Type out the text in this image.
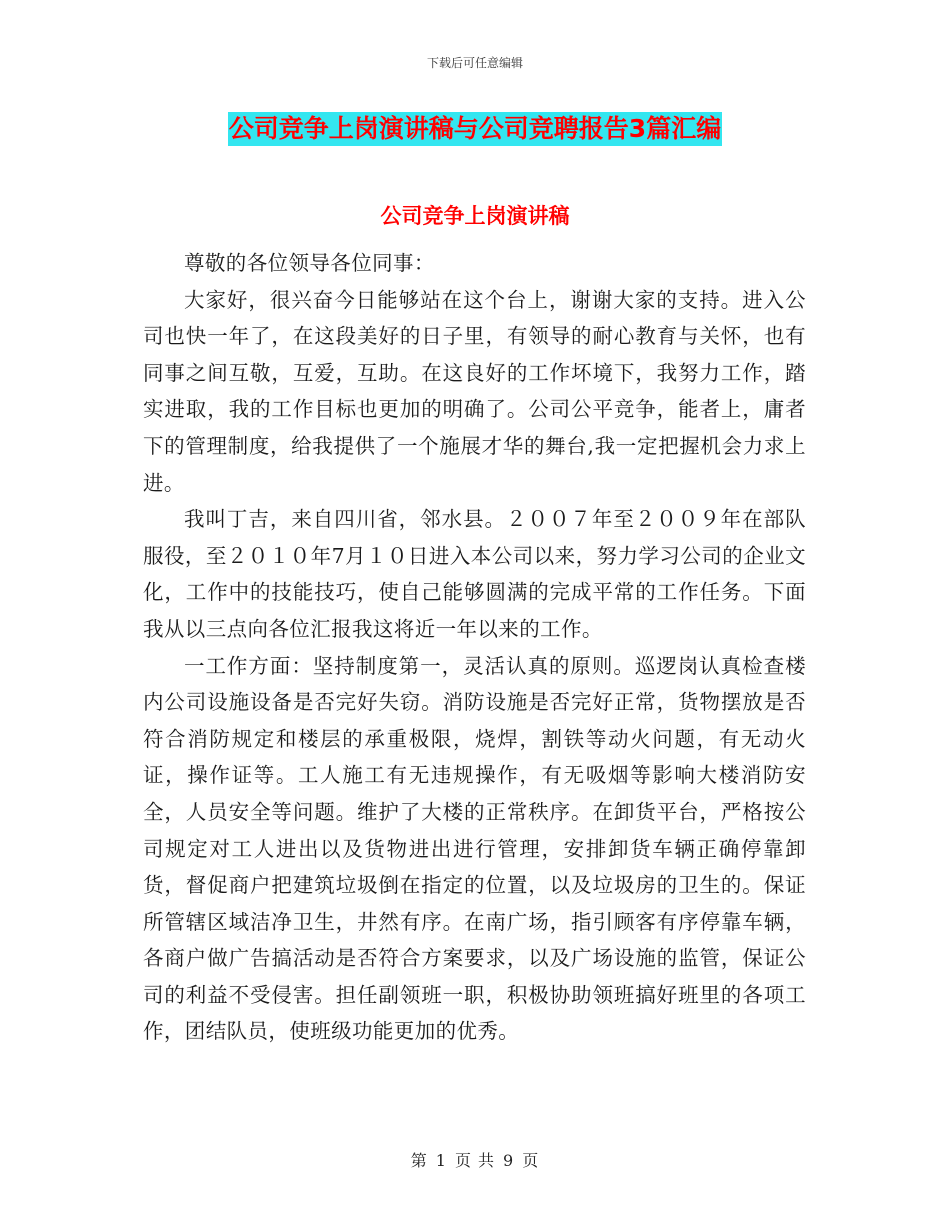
下载后可任意编辑
公司竞争上岗演讲稿与公司竞聘报告3篇汇编
公司竞争上岗演讲稿

尊敬的各位领导各位同事：

大家好，很兴奋今日能够站在这个台上，谢谢大家的支持。进入公司也快一年了，在这段美好的日子里，有领导的耐心教育与关怀，也有同事之间互敬，互爱，互助。在这良好的工作坏境下，我努力工作，踏实进取，我的工作目标也更加的明确了。公司公平竞争，能者上，庸者下的管理制度，给我提供了一个施展才华的舞台,我一定把握机会力求上进。

我叫丁吉，来自四川省，邻水县。２００７年至２００９年在部队服役，至２０１０年7月１０日进入本公司以来，努力学习公司的企业文化，工作中的技能技巧，使自己能够圆满的完成平常的工作任务。下面我从以三点向各位汇报我这将近一年以来的工作。

一工作方面：坚持制度第一，灵活认真的原则。巡逻岗认真检查楼内公司设施设备是否完好失窃。消防设施是否完好正常，货物摆放是否符合消防规定和楼层的承重极限，烧焊，割铁等动火问题，有无动火证，操作证等。工人施工有无违规操作，有无吸烟等影响大楼消防安全，人员安全等问题。维护了大楼的正常秩序。在卸货平台，严格按公司规定对工人进出以及货物进出进行管理，安排卸货车辆正确停靠卸货，督促商户把建筑垃圾倒在指定的位置，以及垃圾房的卫生的。保证所管辖区域洁净卫生，井然有序。在南广场，指引顾客有序停靠车辆，各商户做广告搞活动是否符合方案要求，以及广场设施的监管，保证公司的利益不受侵害。担任副领班一职，积极协助领班搞好班里的各项工作，团结队员，使班级功能更加的优秀。

第 1 页 共 9 页
